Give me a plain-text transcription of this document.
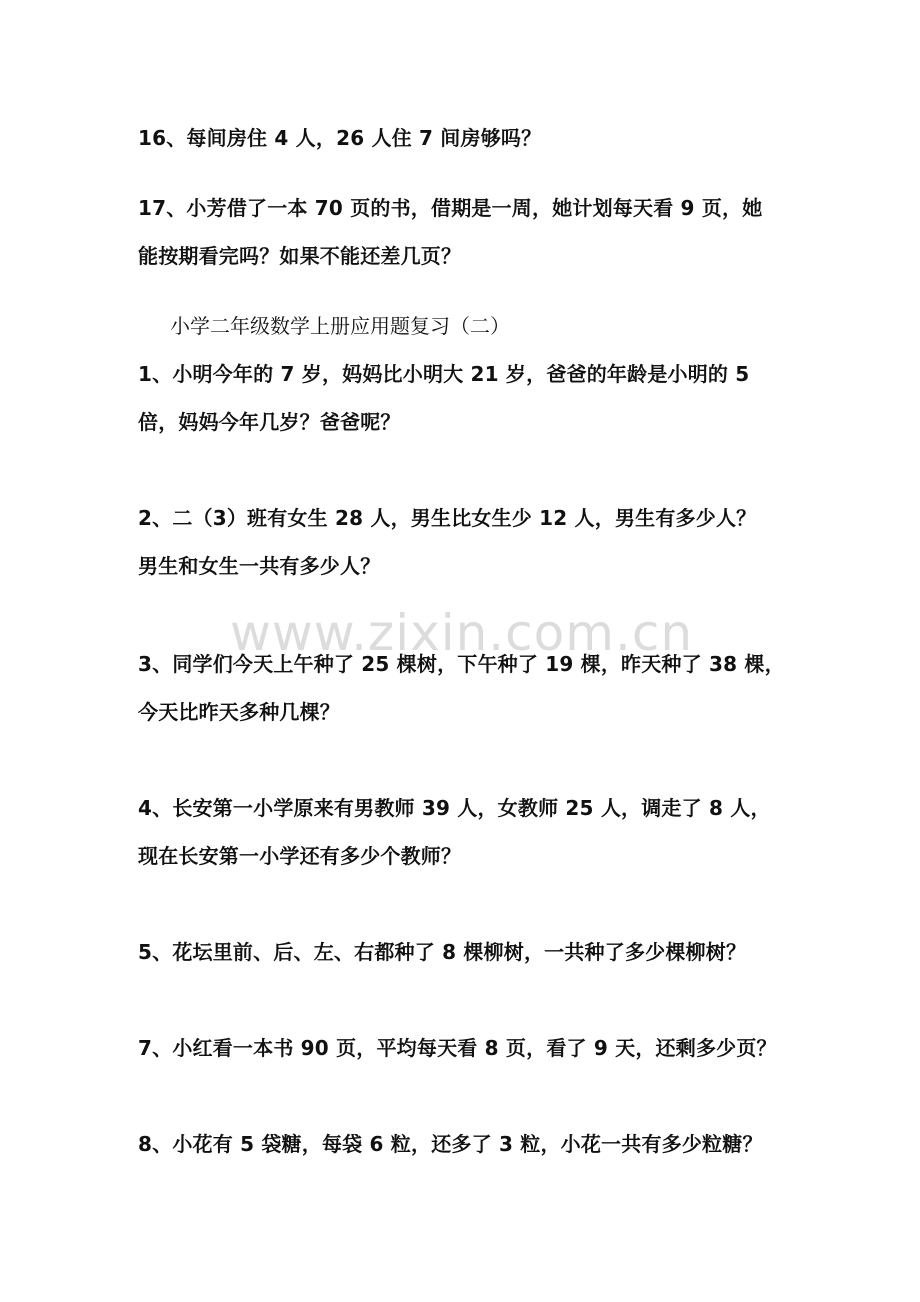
www.zixin.com.cn
16、每间房住 4 人，26 人住 7 间房够吗？
17、小芳借了一本 70 页的书，借期是一周，她计划每天看 9 页，她
能按期看完吗？如果不能还差几页？
小学二年级数学上册应用题复习（二）
1、小明今年的 7 岁，妈妈比小明大 21 岁，爸爸的年龄是小明的 5
倍，妈妈今年几岁？爸爸呢？
2、二（3）班有女生 28 人，男生比女生少 12 人，男生有多少人？
男生和女生一共有多少人？
3、同学们今天上午种了 25 棵树，下午种了 19 棵，昨天种了 38 棵，
今天比昨天多种几棵？
4、长安第一小学原来有男教师 39 人，女教师 25 人，调走了 8 人，
现在长安第一小学还有多少个教师？
5、花坛里前、后、左、右都种了 8 棵柳树，一共种了多少棵柳树？
7、小红看一本书 90 页，平均每天看 8 页，看了 9 天，还剩多少页？
8、小花有 5 袋糖，每袋 6 粒，还多了 3 粒，小花一共有多少粒糖？
